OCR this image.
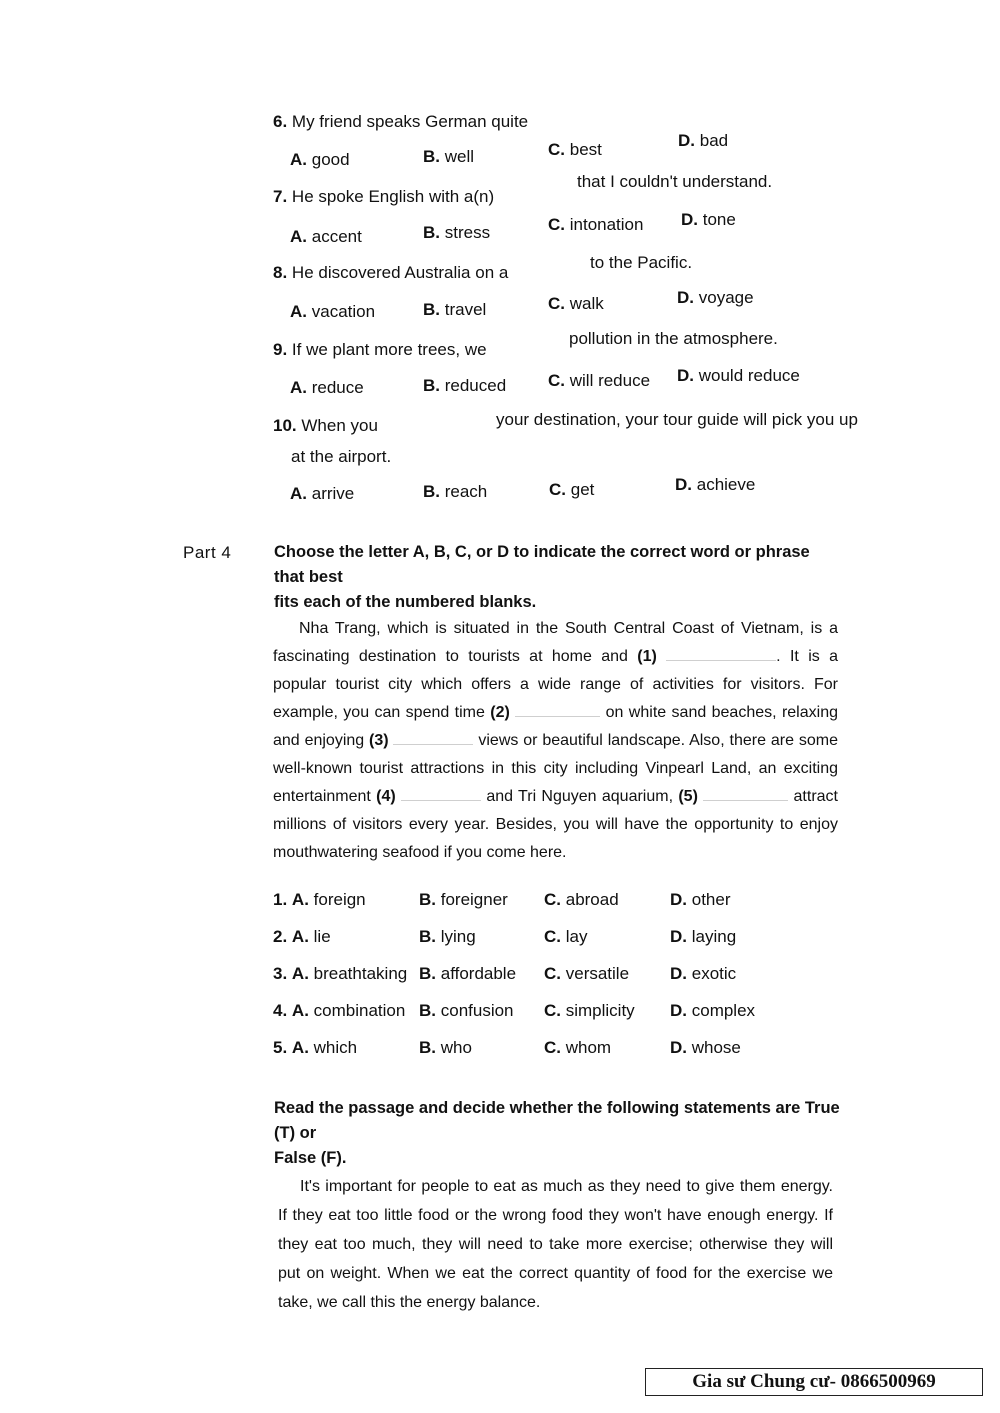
6. My friend speaks German quite
A. good	B. well	C. best	D. bad
7. He spoke English with a(n)
that I couldn't understand.
A. accent	B. stress	C. intonation D. tone
8. He discovered Australia on a
to the Pacific.
A. vacation	B. travel	C. walk	D. voyage
9. If we plant more trees, we
pollution in the atmosphere.
A. reduce	B. reduced C. will reduce D. would reduce
10. When you	your destination, your tour guide will pick you up
at the airport.
A. arrive	B. reach	C. get	D. achieve
Part 4	Choose the letter A, B, C, or D to indicate the correct word or phrase that best
fits each of the numbered blanks.
Nha Trang, which is situated in the South Central Coast of Vietnam, is a fascinating destination to tourists at home and (1)	. It is a popular tourist city which offers a wide range of activities for visitors. For example, you can spend time (2)	on white sand beaches, relaxing and enjoying (3)	views or beautiful landscape. Also, there are some well-known tourist attractions in this city including Vinpearl Land, an exciting entertainment (4)	and Tri Nguyen aquarium, (5)	attract millions of visitors every year. Besides, you will have the opportunity to enjoy mouthwatering seafood if you come here.
1. A. foreign	B. foreigner C. abroad	D. other
2. A. lie	B. lying	C. lay	D. laying
3. A. breathtaking B. affordable C. versatile D. exotic
4. A. combination B. confusion C. simplicity D. complex
5. A. which	B. who	C. whom	D. whose
Read the passage and decide whether the following statements are True (T) or
False (F).
It's important for people to eat as much as they need to give them energy. If they eat too little food or the wrong food they won't have enough energy. If they eat too much, they will need to take more exercise; otherwise they will put on weight. When we eat the correct quantity of food for the exercise we take, we call this the energy balance.
Gia sư Chung cư- 0866500969
